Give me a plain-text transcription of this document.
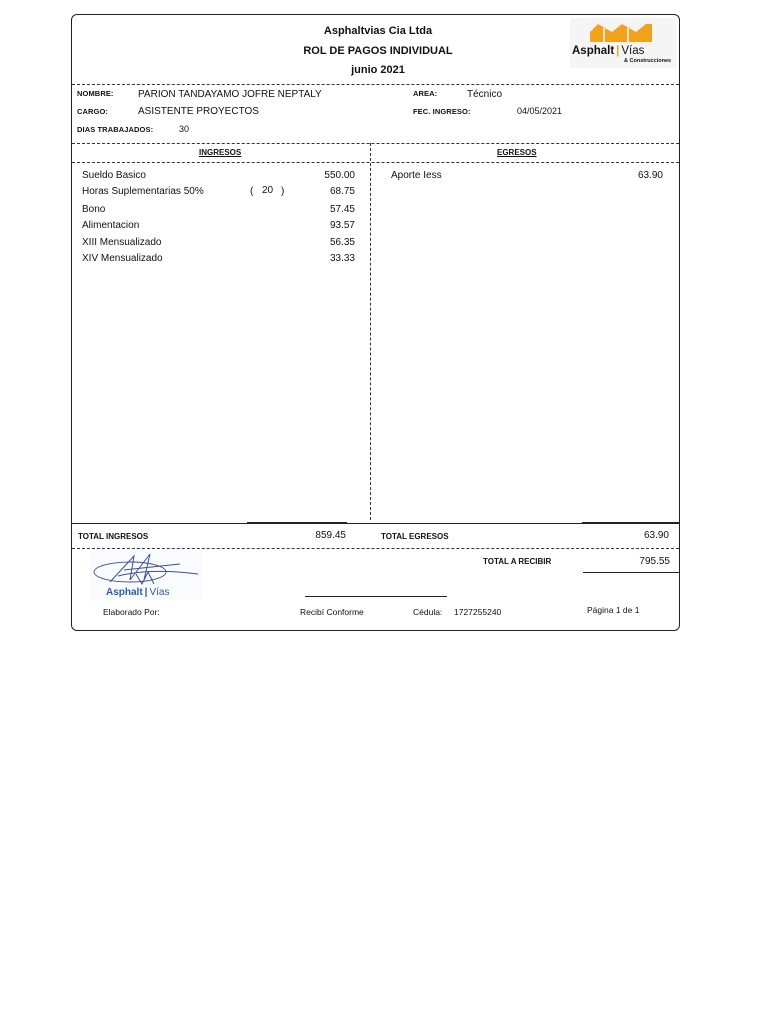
Asphaltvias Cia Ltda
ROL DE PAGOS INDIVIDUAL
junio 2021
Asphalt | Vías
& Construcciones
NOMBRE: PARION TANDAYAMO JOFRE NEPTALY	AREA:	Técnico
CARGO:	ASISTENTE PROYECTOS	FEC. INGRESO:	04/05/2021
DIAS TRABAJADOS:	30
INGRESOS	EGRESOS
Sueldo Basico	550.00
Horas Suplementarias 50%	( 20 )	68.75
Bono	57.45
Alimentacion	93.57
XIII Mensualizado	56.35
XIV Mensualizado	33.33
Aporte Iess	63.90
TOTAL INGRESOS	859.45	TOTAL EGRESOS	63.90
TOTAL A RECIBIR	795.55
Asphalt | Vías
Elaborado Por:	Recibí Conforme	Cédula: 1727255240	Página 1 de 1
